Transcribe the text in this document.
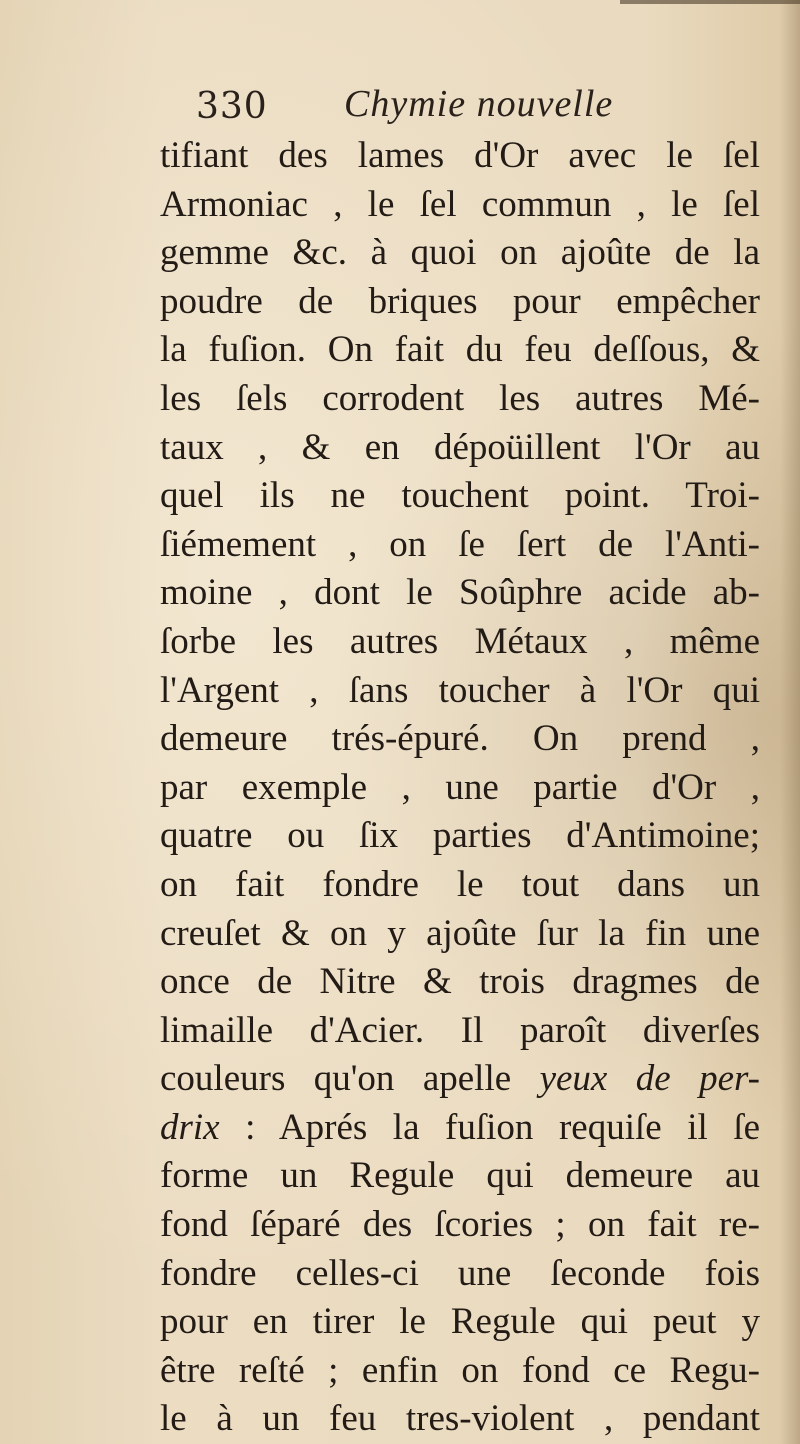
330 Chymie nouvelle
tifiant des lames d'Or avec le ſel
Armoniac , le ſel commun , le ſel
gemme &c. à quoi on ajoûte de la
poudre de briques pour empêcher
la fuſion. On fait du feu deſſous, &
les ſels corrodent les autres Mé-
taux , & en dépoüillent l'Or au
quel ils ne touchent point. Troi-
ſiémement , on ſe ſert de l'Anti-
moine , dont le Soûphre acide ab-
ſorbe les autres Métaux , même
l'Argent , ſans toucher à l'Or qui
demeure trés-épuré. On prend ,
par exemple , une partie d'Or ,
quatre ou ſix parties d'Antimoine;
on fait fondre le tout dans un
creuſet & on y ajoûte ſur la fin une
once de Nitre & trois dragmes de
limaille d'Acier. Il paroît diverſes
couleurs qu'on apelle yeux de per-
drix : Aprés la fuſion requiſe il ſe
forme un Regule qui demeure au
fond ſéparé des ſcories ; on fait re-
fondre celles-ci une ſeconde fois
pour en tirer le Regule qui peut y
être reſté ; enfin on fond ce Regu-
le à un feu tres-violent , pendant
